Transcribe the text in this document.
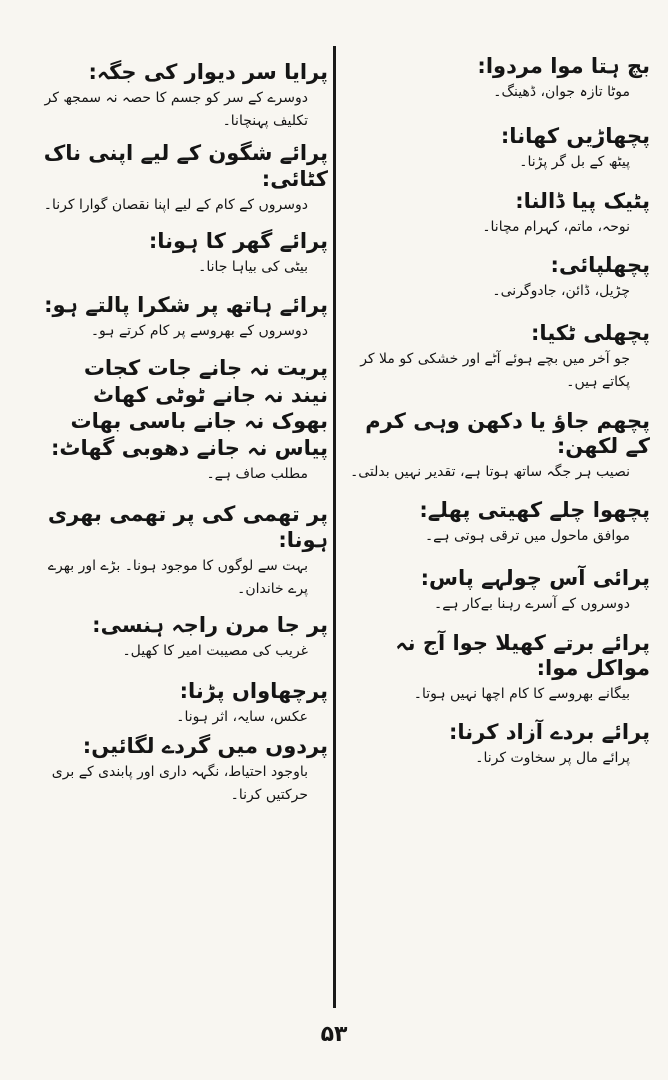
بچ ہتا موا مردوا:

موٹا تازہ جوان، ڈھینگ۔

پچھاڑیں کھانا:

پیٹھ کے بل گر پڑنا۔

پٹیک پیا ڈالنا:

نوحہ، ماتم، کہرام مچانا۔

پچھلپائی:

چڑیل، ڈائن، جادوگرنی۔

پچھلی ٹکیا:

جو آخر میں بچے ہوئے آٹے اور خشکی کو ملا کر پکاتے ہیں۔

پچھم جاؤ یا دکھن وہی کرم کے لکھن:

نصیب ہر جگہ ساتھ ہوتا ہے، تقدیر نہیں بدلتی۔

پچھوا چلے کھیتی پھلے:

موافق ماحول میں ترقی ہوتی ہے۔

پرائی آس چولہے پاس:

دوسروں کے آسرے رہنا بےکار ہے۔

پرائے برتے کھیلا جوا آج نہ مواکل موا:

بیگانے بھروسے کا کام اچھا نہیں ہوتا۔

پرائے بردے آزاد کرنا:

پرائے مال پر سخاوت کرنا۔

پرایا سر دیوار کی جگہ:

دوسرے کے سر کو جسم کا حصہ نہ سمجھ کر تکلیف پہنچانا۔

پرائے شگون کے لیے اپنی ناک کٹائی:

دوسروں کے کام کے لیے اپنا نقصان گوارا کرنا۔

پرائے گھر کا ہونا:

بیٹی کی بیاہا جانا۔

پرائے ہاتھ پر شکرا پالتے ہو:

دوسروں کے بھروسے پر کام کرتے ہو۔

پریت نہ جانے جات کجات

نیند نہ جانے ٹوٹی کھاٹ

بھوک نہ جانے باسی بھات

پیاس نہ جانے دھوبی گھاٹ:

مطلب صاف ہے۔

پر تھمی کی پر تھمی بھری ہونا:

بہت سے لوگوں کا موجود ہونا۔ بڑے اور بھرے پرے خاندان۔

پر جا مرن راجہ ہنسی:

غریب کی مصیبت امیر کا کھیل۔

پرچھاواں پڑنا:

عکس، سایہ، اثر ہونا۔

پردوں میں گردے لگائیں:

باوجود احتیاط، نگہہ داری اور پابندی کے بری حرکتیں کرنا۔

۵۳
